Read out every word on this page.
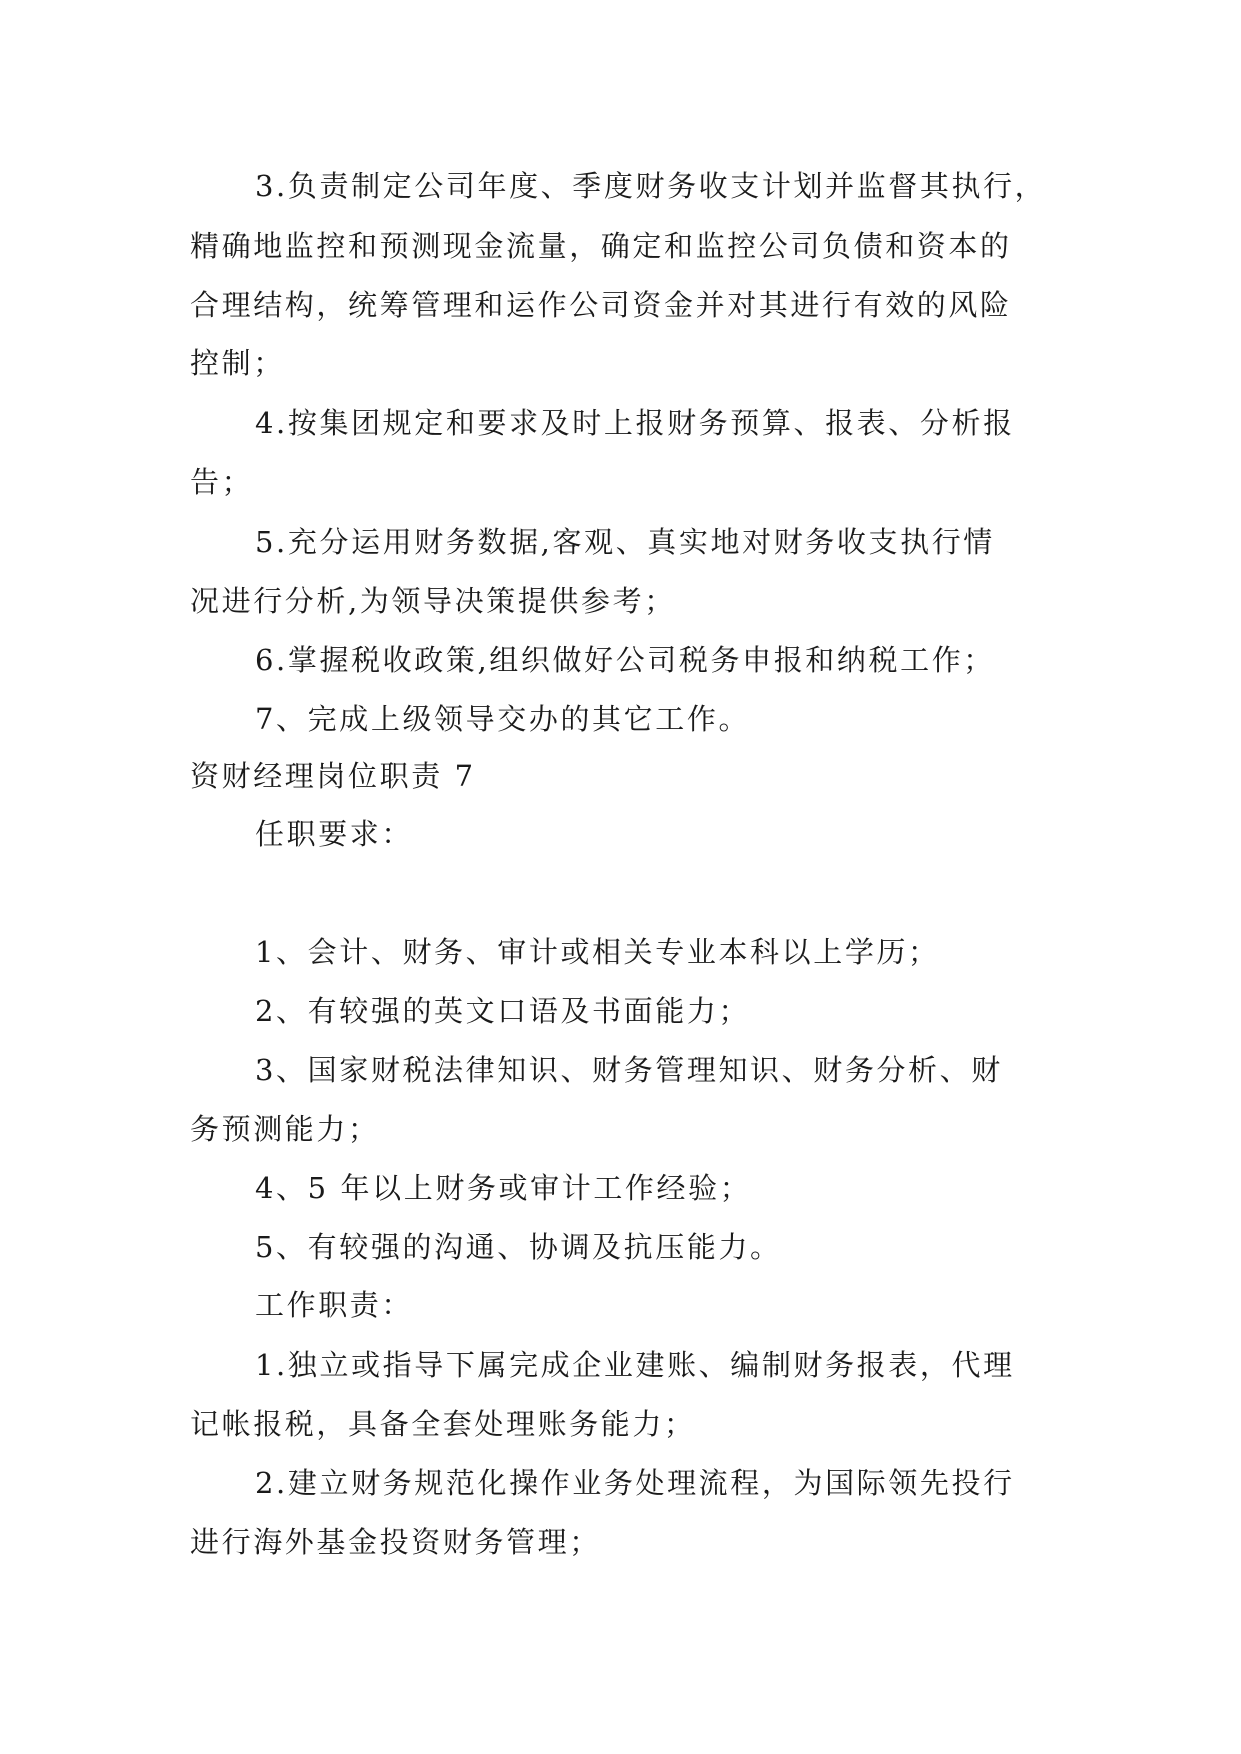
3.负责制定公司年度、季度财务收支计划并监督其执行，
精确地监控和预测现金流量，确定和监控公司负债和资本的
合理结构，统筹管理和运作公司资金并对其进行有效的风险
控制；
4.按集团规定和要求及时上报财务预算、报表、分析报
告；
5.充分运用财务数据,客观、真实地对财务收支执行情
况进行分析,为领导决策提供参考；
6.掌握税收政策,组织做好公司税务申报和纳税工作；
7、完成上级领导交办的其它工作。
资财经理岗位职责 7
任职要求：
1、会计、财务、审计或相关专业本科以上学历；
2、有较强的英文口语及书面能力；
3、国家财税法律知识、财务管理知识、财务分析、财
务预测能力；
4、5 年以上财务或审计工作经验；
5、有较强的沟通、协调及抗压能力。
工作职责：
1.独立或指导下属完成企业建账、编制财务报表，代理
记帐报税，具备全套处理账务能力；
2.建立财务规范化操作业务处理流程，为国际领先投行
进行海外基金投资财务管理；
